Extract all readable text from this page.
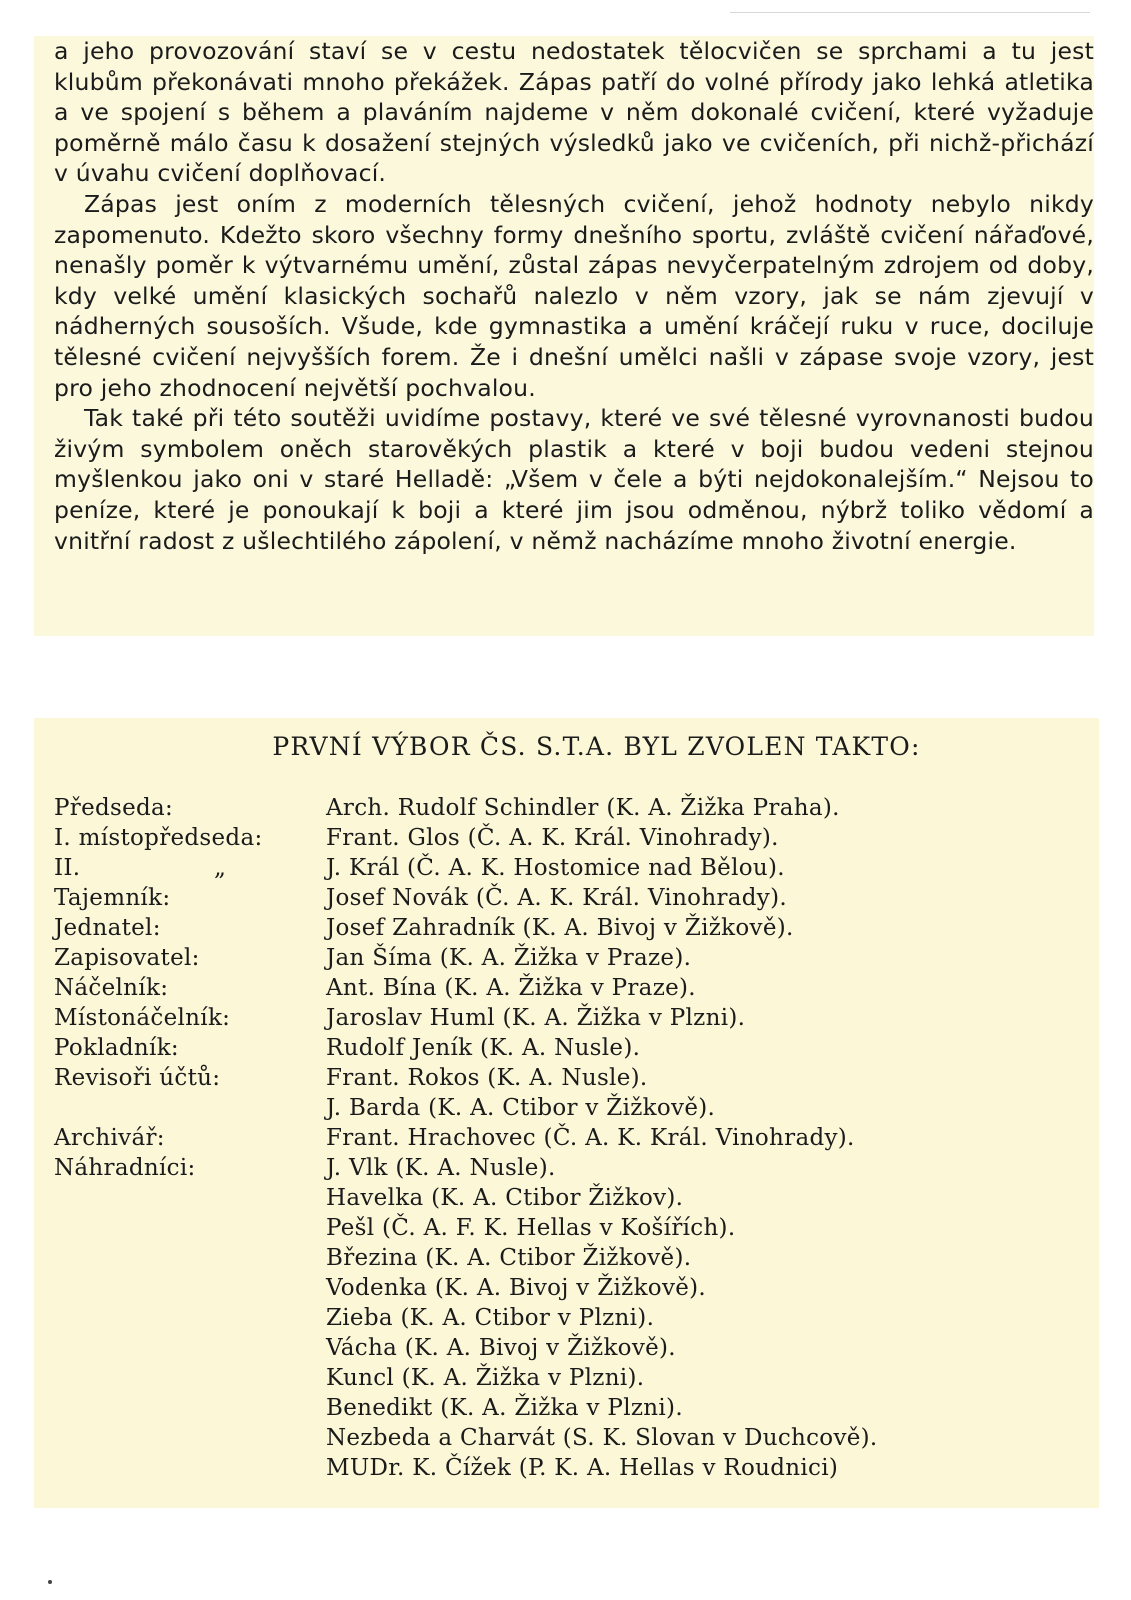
a jeho provozování staví se v cestu nedostatek tělocvičen se sprchami a tu jest klubům překonávati mnoho překážek. Zápas patří do volné přírody jako lehká atletika a ve spojení s během a plaváním najdeme v něm dokonalé cvičení, které vyžaduje poměrně málo času k dosažení stejných výsledků jako ve cvičeních, při nichž-přichází v úvahu cvičení doplňovací.

Zápas jest oním z moderních tělesných cvičení, jehož hodnoty nebylo nikdy zapomenuto. Kdežto skoro všechny formy dnešního sportu, zvláště cvičení nářaďové, nenašly poměr k výtvarnému umění, zůstal zápas nevyčerpatelným zdrojem od doby, kdy velké umění klasických sochařů nalezlo v něm vzory, jak se nám zjevují v nádherných sousoších. Všude, kde gymnastika a umění kráčejí ruku v ruce, dociluje tělesné cvičení nejvyšších forem. Že i dnešní umělci našli v zápase svoje vzory, jest pro jeho zhodnocení největší pochvalou.

Tak také při této soutěži uvidíme postavy, které ve své tělesné vyrovnanosti budou živým symbolem oněch starověkých plastik a které v boji budou vedeni stejnou myšlenkou jako oni v staré Helladě: „Všem v čele a býti nejdokonalejším.“ Nejsou to peníze, které je ponoukají k boji a které jim jsou odměnou, nýbrž toliko vědomí a vnitřní radost z ušlechtilého zápolení, v němž nacházíme mnoho životní energie.

PRVNÍ VÝBOR ČS. S.T.A. BYL ZVOLEN TAKTO:
Předseda:	Arch. Rudolf Schindler (K. A. Žižka Praha).
I. místopředseda:	Frant. Glos (Č. A. K. Král. Vinohrady).
II.	„	J. Král (Č. A. K. Hostomice nad Bělou).
Tajemník:	Josef Novák (Č. A. K. Král. Vinohrady).
Jednatel:	Josef Zahradník (K. A. Bivoj v Žižkově).
Zapisovatel:	Jan Šíma (K. A. Žižka v Praze).
Náčelník:	Ant. Bína (K. A. Žižka v Praze).
Místonáčelník:	Jaroslav Huml (K. A. Žižka v Plzni).
Pokladník:	Rudolf Jeník (K. A. Nusle).
Revisoři účtů:	Frant. Rokos (K. A. Nusle).
J. Barda (K. A. Ctibor v Žižkově).
Archivář:	Frant. Hrachovec (Č. A. K. Král. Vinohrady).
Náhradníci:	J. Vlk (K. A. Nusle).
Havelka (K. A. Ctibor Žižkov).
Pešl (Č. A. F. K. Hellas v Košířích).
Březina (K. A. Ctibor Žižkově).
Vodenka (K. A. Bivoj v Žižkově).
Zieba (K. A. Ctibor v Plzni).
Vácha (K. A. Bivoj v Žižkově).
Kuncl (K. A. Žižka v Plzni).
Benedikt (K. A. Žižka v Plzni).
Nezbeda a Charvát (S. K. Slovan v Duchcově).
MUDr. K. Čížek (P. K. A. Hellas v Roudnici)
